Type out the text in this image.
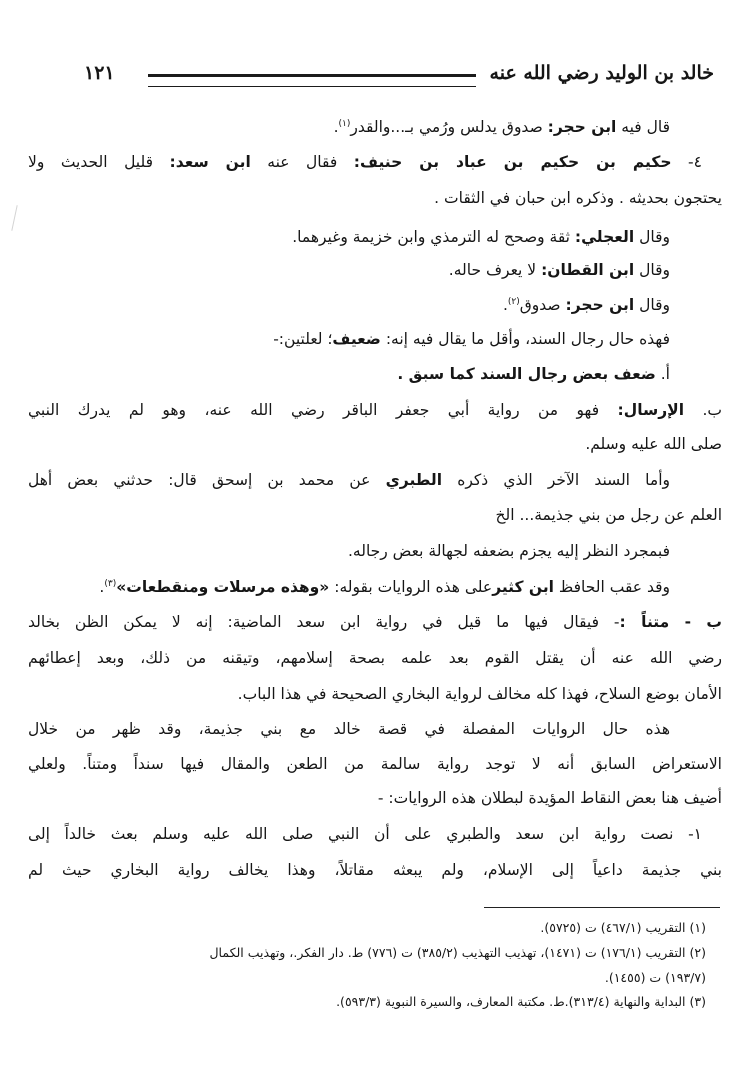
خالد بن الوليد رضي الله عنه
١٢١
قال فيه ابن حجر: صدوق يدلس ورُمي بـ...والقدر$^{(١)}$.
٤- حكيم بن حكيم بن عباد بن حنيف: فقال عنه ابن سعد: قليل الحديث ولا
يحتجون بحديثه . وذكره ابن حبان في الثقات .
وقال العجلي: ثقة وصحح له الترمذي وابن خزيمة وغيرهما.
وقال ابن القطان: لا يعرف حاله.
وقال ابن حجر: صدوق$^{(٢)}$.
فهذه حال رجال السند، وأقل ما يقال فيه إنه: ضعيف؛ لعلتين:-
أ. ضعف بعض رجال السند كما سبق .
ب. الإرسال: فهو من رواية أبي جعفر الباقر رضي الله عنه، وهو لم يدرك النبي
صلى الله عليه وسلم.
وأما السند الآخر الذي ذكره الطبري عن محمد بن إسحق قال: حدثني بعض أهل
العلم عن رجل من بني جذيمة... الخ
فبمجرد النظر إليه يجزم بضعفه لجهالة بعض رجاله.
وقد عقب الحافظ ابن كثيرعلى هذه الروايات بقوله: «وهذه مرسلات ومنقطعات»$^{(٣)}$.
ب - متناً :- فيقال فيها ما قيل في رواية ابن سعد الماضية: إنه لا يمكن الظن بخالد
رضي الله عنه أن يقتل القوم بعد علمه بصحة إسلامهم، وتيقنه من ذلك، وبعد إعطائهم
الأمان بوضع السلاح، فهذا كله مخالف لرواية البخاري الصحيحة في هذا الباب.
هذه حال الروايات المفصلة في قصة خالد مع بني جذيمة، وقد ظهر من خلال
الاستعراض السابق أنه لا توجد رواية سالمة من الطعن والمقال فيها سنداً ومتناً. ولعلي
أضيف هنا بعض النقاط المؤيدة لبطلان هذه الروايات: -
١- نصت رواية ابن سعد والطبري على أن النبي صلى الله عليه وسلم بعث خالداً إلى
بني جذيمة داعياً إلى الإسلام، ولم يبعثه مقاتلاً، وهذا يخالف رواية البخاري حيث لم
(١) التقريب (٤٦٧/١) ت (٥٧٢٥).
(٢) التقريب (١٧٦/١) ت (١٤٧١)، تهذيب التهذيب (٣٨٥/٢) ت (٧٧٦) ط. دار الفكر.، وتهذيب الكمال
(١٩٣/٧) ت (١٤٥٥).
(٣) البداية والنهاية (٣١٣/٤).ط. مكتبة المعارف، والسيرة النبوية (٥٩٣/٣).
